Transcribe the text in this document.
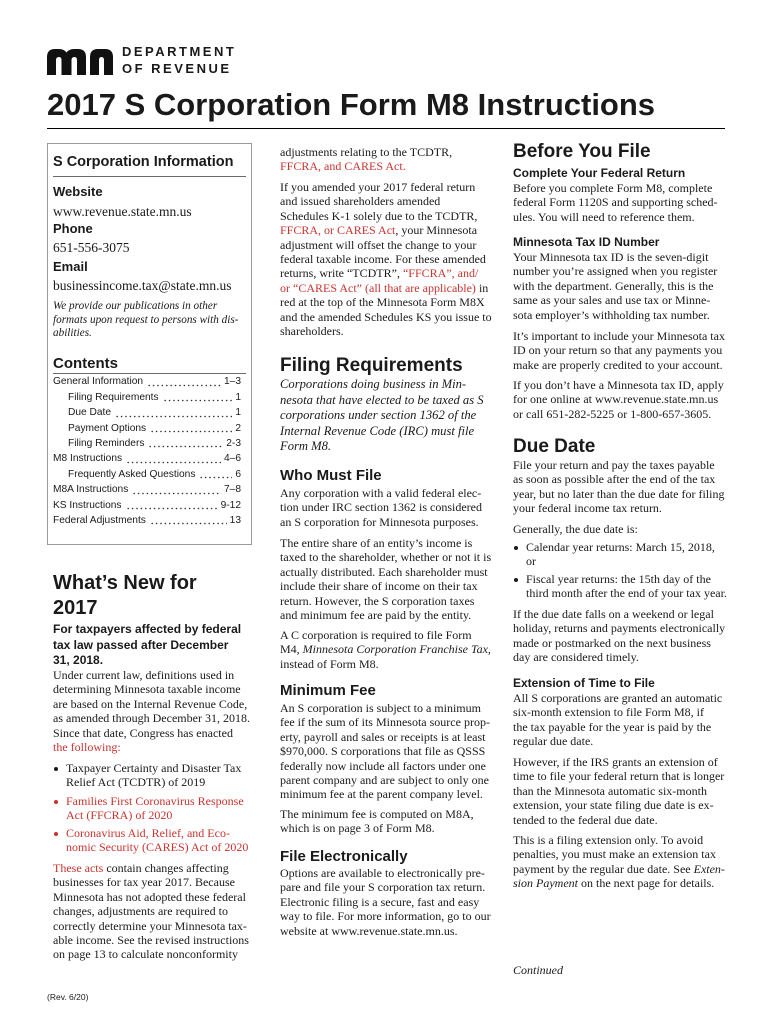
DEPARTMENT
OF REVENUE
2017 S Corporation Form M8 Instructions
S Corporation Information
Website
www.revenue.state.mn.us
Phone
651-556-3075
Email
businessincome.tax@state.mn.us
We provide our publications in other
formats upon request to persons with dis-
abilities.
Contents
General Information	1–3
Filing Requirements	1
Due Date	1
Payment Options	2
Filing Reminders	2-3
M8 Instructions	4–6
Frequently Asked Questions	6
M8A Instructions	7–8
KS Instructions	9-12
Federal Adjustments	13
What’s New for
2017
For taxpayers affected by federal
tax law passed after December
31, 2018.

Under current law, definitions used in
determining Minnesota taxable income
are based on the Internal Revenue Code,
as amended through December 31, 2018.
Since that date, Congress has enacted
the following:

Taxpayer Certainty and Disaster Tax
Relief Act (TCDTR) of 2019
Families First Coronavirus Response
Act (FFCRA) of 2020
Coronavirus Aid, Relief, and Eco-
nomic Security (CARES) Act of 2020

These acts contain changes affecting
businesses for tax year 2017. Because
Minnesota has not adopted these federal
changes, adjustments are required to
correctly determine your Minnesota tax-
able income. See the revised instructions
on page 13 to calculate nonconformity

(Rev. 6/20)

adjustments relating to the TCDTR,
FFCRA, and CARES Act.

If you amended your 2017 federal return
and issued shareholders amended
Schedules K-1 solely due to the TCDTR,
FFCRA, or CARES Act, your Minnesota
adjustment will offset the change to your
federal taxable income. For these amended
returns, write “TCDTR”, “FFCRA”, and/
or “CARES Act” (all that are applicable) in
red at the top of the Minnesota Form M8X
and the amended Schedules KS you issue to
shareholders.

Filing Requirements

Corporations doing business in Min-
nesota that have elected to be taxed as S
corporations under section 1362 of the
Internal Revenue Code (IRC) must file
Form M8.

Who Must File

Any corporation with a valid federal elec-
tion under IRC section 1362 is considered
an S corporation for Minnesota purposes.

The entire share of an entity’s income is
taxed to the shareholder, whether or not it is
actually distributed. Each shareholder must
include their share of income on their tax
return. However, the S corporation taxes
and minimum fee are paid by the entity.

A C corporation is required to file Form
M4, Minnesota Corporation Franchise Tax,
instead of Form M8.

Minimum Fee

An S corporation is subject to a minimum
fee if the sum of its Minnesota source prop-
erty, payroll and sales or receipts is at least
$970,000. S corporations that file as QSSS
federally now include all factors under one
parent company and are subject to only one
minimum fee at the parent company level.

The minimum fee is computed on M8A,
which is on page 3 of Form M8.

File Electronically

Options are available to electronically pre-
pare and file your S corporation tax return.
Electronic filing is a secure, fast and easy
way to file. For more information, go to our
website at www.revenue.state.mn.us.

Before You File
Complete Your Federal Return

Before you complete Form M8, complete
federal Form 1120S and supporting sched-
ules. You will need to reference them.

Minnesota Tax ID Number

Your Minnesota tax ID is the seven-digit
number you’re assigned when you register
with the department. Generally, this is the
same as your sales and use tax or Minne-
sota employer’s withholding tax number.

It’s important to include your Minnesota tax
ID on your return so that any payments you
make are properly credited to your account.

If you don’t have a Minnesota tax ID, apply
for one online at www.revenue.state.mn.us
or call 651-282-5225 or 1-800-657-3605.

Due Date

File your return and pay the taxes payable
as soon as possible after the end of the tax
year, but no later than the due date for filing
your federal income tax return.

Generally, the due date is:

Calendar year returns: March 15, 2018,
or
Fiscal year returns: the 15th day of the
third month after the end of your tax year.

If the due date falls on a weekend or legal
holiday, returns and payments electronically
made or postmarked on the next business
day are considered timely.

Extension of Time to File

All S corporations are granted an automatic
six-month extension to file Form M8, if
the tax payable for the year is paid by the
regular due date.

However, if the IRS grants an extension of
time to file your federal return that is longer
than the Minnesota automatic six-month
extension, your state filing due date is ex-
tended to the federal due date.

This is a filing extension only. To avoid
penalties, you must make an extension tax
payment by the regular due date. See Exten-
sion Payment on the next page for details.

Continued
